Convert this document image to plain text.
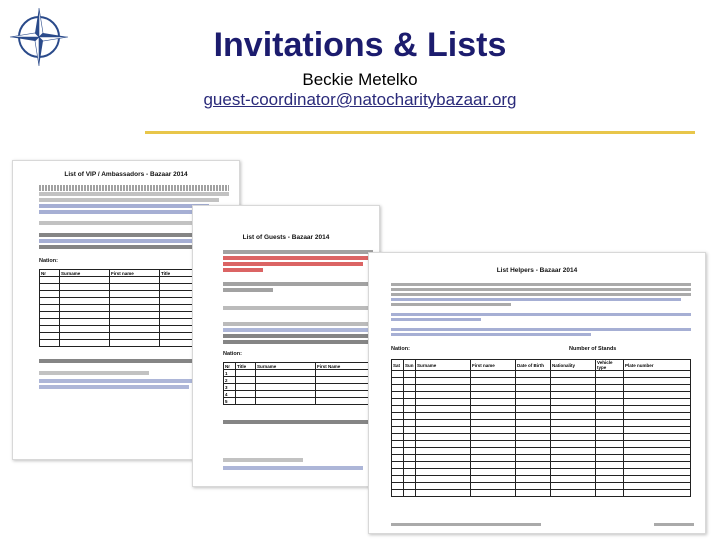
Invitations & Lists
Beckie Metelko
guest-coordinator@natocharitybazaar.org
List of VIP / Ambassadors - Bazaar 2014
Nation:
Nr	Surname	First name	Title

List of Guests - Bazaar 2014
Nation:
Nr	Title	Surname	First Name
1			
2			
3			
4			
5			
List Helpers - Bazaar 2014
Nation:	Number of Stands
Sat	Sun	Surname	First name	Date of Birth	Nationality	Vehicle type	Plate number
